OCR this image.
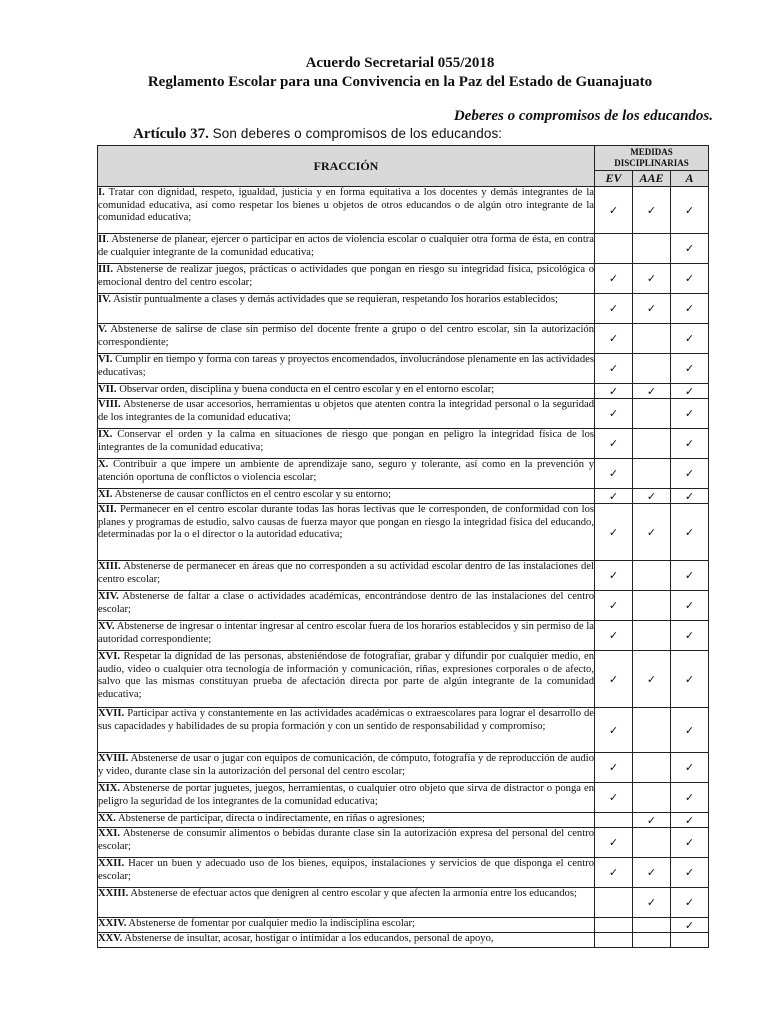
Acuerdo Secretarial 055/2018
Reglamento Escolar para una Convivencia en la Paz del Estado de Guanajuato
Deberes o compromisos de los educandos.
Artículo 37. Son deberes o compromisos de los educandos:
FRACCIÓN	MEDIDAS DISCIPLINARIAS		
	EV	AAE	A
I. Tratar con dignidad, respeto, igualdad, justicia y en forma equitativa a los docentes y demás integrantes de la comunidad educativa, así como respetar los bienes u objetos de otros educandos o de algún otro integrante de la comunidad educativa;	✓	✓	✓
II. Abstenerse de planear, ejercer o participar en actos de violencia escolar o cualquier otra forma de ésta, en contra de cualquier integrante de la comunidad educativa;			✓
III. Abstenerse de realizar juegos, prácticas o actividades que pongan en riesgo su integridad física, psicológica o emocional dentro del centro escolar;	✓	✓	✓
IV. Asistir puntualmente a clases y demás actividades que se requieran, respetando los horarios establecidos;	✓	✓	✓
V. Abstenerse de salirse de clase sin permiso del docente frente a grupo o del centro escolar, sin la autorización correspondiente;	✓		✓
VI. Cumplir en tiempo y forma con tareas y proyectos encomendados, involucrándose plenamente en las actividades educativas;	✓		✓
VII. Observar orden, disciplina y buena conducta en el centro escolar y en el entorno escolar;	✓	✓	✓
VIII. Abstenerse de usar accesorios, herramientas u objetos que atenten contra la integridad personal o la seguridad de los integrantes de la comunidad educativa;	✓		✓
IX. Conservar el orden y la calma en situaciones de riesgo que pongan en peligro la integridad física de los integrantes de la comunidad educativa;	✓		✓
X. Contribuir a que impere un ambiente de aprendizaje sano, seguro y tolerante, así como en la prevención y atención oportuna de conflictos o violencia escolar;	✓		✓
XI. Abstenerse de causar conflictos en el centro escolar y su entorno;	✓	✓	✓
XII. Permanecer en el centro escolar durante todas las horas lectivas que le corresponden, de conformidad con los planes y programas de estudio, salvo causas de fuerza mayor que pongan en riesgo la integridad física del educando, determinadas por la o el director o la autoridad educativa;	✓	✓	✓
XIII. Abstenerse de permanecer en áreas que no corresponden a su actividad escolar dentro de las instalaciones del centro escolar;	✓		✓
XIV. Abstenerse de faltar a clase o actividades académicas, encontrándose dentro de las instalaciones del centro escolar;	✓		✓
XV. Abstenerse de ingresar o intentar ingresar al centro escolar fuera de los horarios establecidos y sin permiso de la autoridad correspondiente;	✓		✓
XVI. Respetar la dignidad de las personas, absteniéndose de fotografiar, grabar y difundir por cualquier medio, en audio, video o cualquier otra tecnología de información y comunicación, riñas, expresiones corporales o de afecto, salvo que las mismas constituyan prueba de afectación directa por parte de algún integrante de la comunidad educativa;	✓	✓	✓
XVII. Participar activa y constantemente en las actividades académicas o extraescolares para lograr el desarrollo de sus capacidades y habilidades de su propia formación y con un sentido de responsabilidad y compromiso;	✓		✓
XVIII. Abstenerse de usar o jugar con equipos de comunicación, de cómputo, fotografía y de reproducción de audio y video, durante clase sin la autorización del personal del centro escolar;	✓		✓
XIX. Abstenerse de portar juguetes, juegos, herramientas, o cualquier otro objeto que sirva de distractor o ponga en peligro la seguridad de los integrantes de la comunidad educativa;	✓		✓
XX. Abstenerse de participar, directa o indirectamente, en riñas o agresiones;		✓	✓
XXI. Abstenerse de consumir alimentos o bebidas durante clase sin la autorización expresa del personal del centro escolar;	✓		✓
XXII. Hacer un buen y adecuado uso de los bienes, equipos, instalaciones y servicios de que disponga el centro escolar;	✓	✓	✓
XXIII. Abstenerse de efectuar actos que denigren al centro escolar y que afecten la armonía entre los educandos;		✓	✓
XXIV. Abstenerse de fomentar por cualquier medio la indisciplina escolar;			✓
XXV. Abstenerse de insultar, acosar, hostigar o intimidar a los educandos, personal de apoyo,			
